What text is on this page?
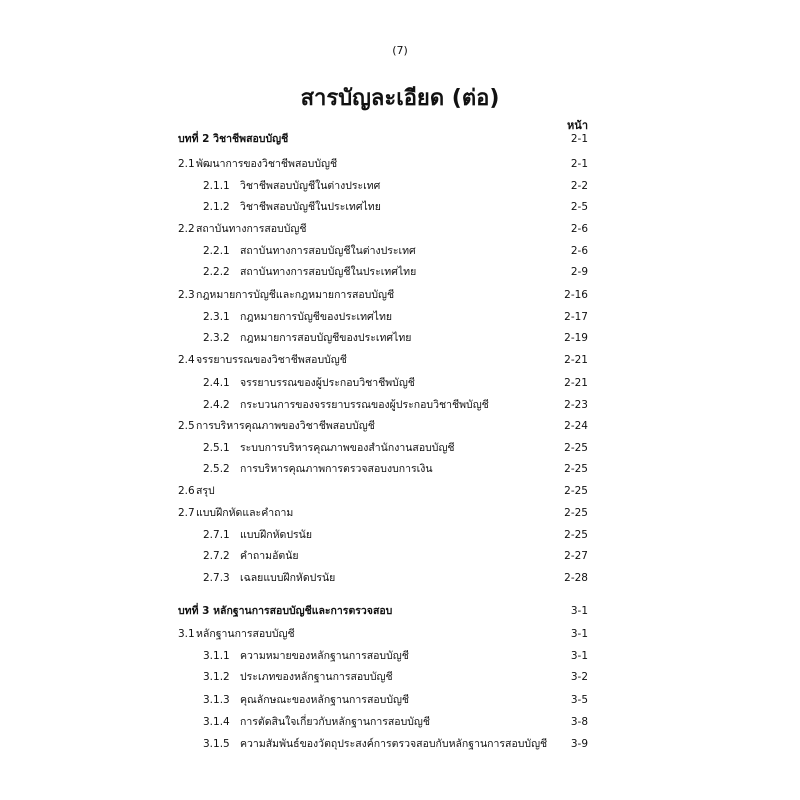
(7)
สารบัญละเอียด (ต่อ)
หน้า
บทที่ 2 วิชาชีพสอบบัญชี	2-1
2.1 พัฒนาการของวิชาชีพสอบบัญชี	2-1
2.1.1 วิชาชีพสอบบัญชีในต่างประเทศ	2-2
2.1.2 วิชาชีพสอบบัญชีในประเทศไทย	2-5
2.2 สถาบันทางการสอบบัญชี	2-6
2.2.1 สถาบันทางการสอบบัญชีในต่างประเทศ	2-6
2.2.2 สถาบันทางการสอบบัญชีในประเทศไทย	2-9
2.3 กฎหมายการบัญชีและกฎหมายการสอบบัญชี	2-16
2.3.1 กฎหมายการบัญชีของประเทศไทย	2-17
2.3.2 กฎหมายการสอบบัญชีของประเทศไทย	2-19
2.4 จรรยาบรรณของวิชาชีพสอบบัญชี	2-21
2.4.1 จรรยาบรรณของผู้ประกอบวิชาชีพบัญชี	2-21
2.4.2 กระบวนการของจรรยาบรรณของผู้ประกอบวิชาชีพบัญชี	2-23
2.5 การบริหารคุณภาพของวิชาชีพสอบบัญชี	2-24
2.5.1 ระบบการบริหารคุณภาพของสำนักงานสอบบัญชี	2-25
2.5.2 การบริหารคุณภาพการตรวจสอบงบการเงิน	2-25
2.6 สรุป	2-25
2.7 แบบฝึกหัดและคำถาม	2-25
2.7.1 แบบฝึกหัดปรนัย	2-25
2.7.2 คำถามอัตนัย	2-27
2.7.3 เฉลยแบบฝึกหัดปรนัย	2-28
บทที่ 3 หลักฐานการสอบบัญชีและการตรวจสอบ	3-1
3.1 หลักฐานการสอบบัญชี	3-1
3.1.1 ความหมายของหลักฐานการสอบบัญชี	3-1
3.1.2 ประเภทของหลักฐานการสอบบัญชี	3-2
3.1.3 คุณลักษณะของหลักฐานการสอบบัญชี	3-5
3.1.4 การตัดสินใจเกี่ยวกับหลักฐานการสอบบัญชี	3-8
3.1.5 ความสัมพันธ์ของวัตถุประสงค์การตรวจสอบกับหลักฐานการสอบบัญชี	3-9
